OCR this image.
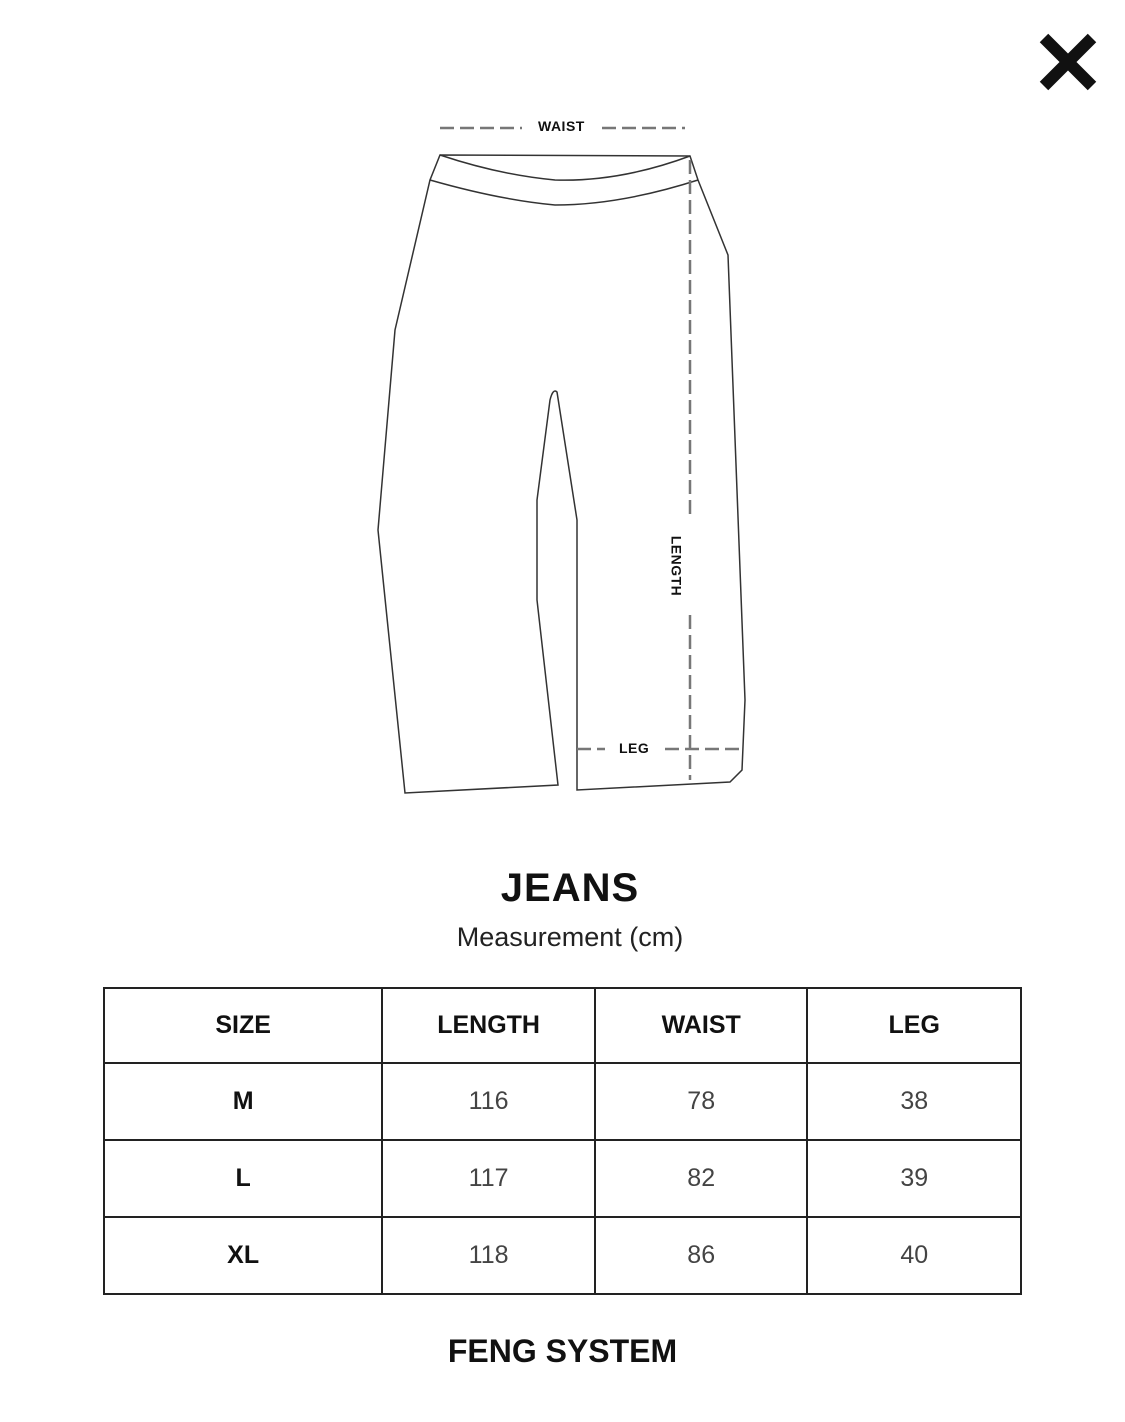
WAIST
LENGTH
LEG
JEANS
Measurement (cm)
SIZE	LENGTH	WAIST	LEG
M	116	78	38
L	117	82	39
XL	118	86	40
FENG SYSTEM
